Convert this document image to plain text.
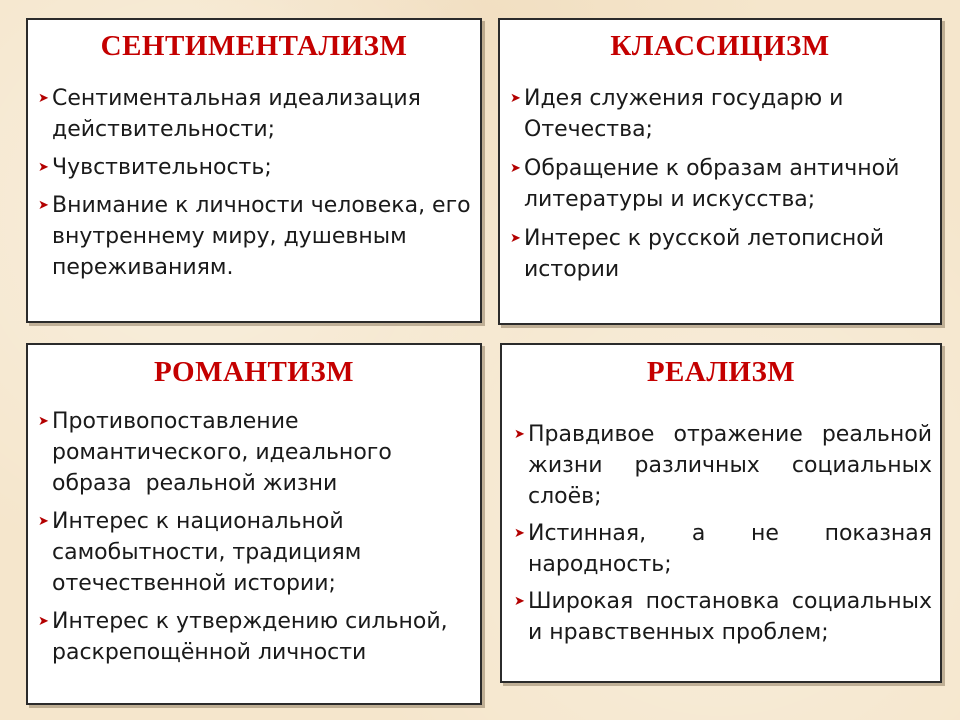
СЕНТИМЕНТАЛИЗМ
➤ Сентиментальная идеализация действительности;
➤ Чувствительность;
➤ Внимание к личности человека, его внутреннему миру, душевным переживаниям.
КЛАССИЦИЗМ
➤ Идея служения государю и Отечества;
➤ Обращение к образам античной литературы и искусства;
➤ Интерес к русской летописной истории
РОМАНТИЗМ
➤ Противопоставление романтического, идеального образа  реальной жизни
➤ Интерес к национальной самобытности, традициям отечественной истории;
➤ Интерес к утверждению сильной, раскрепощённой личности
РЕАЛИЗМ
➤ Правдивое отражение реальной жизни различных социальных слоёв;
➤ Истинная, а не показная народность;
➤ Широкая постановка социальных и нравственных проблем;
